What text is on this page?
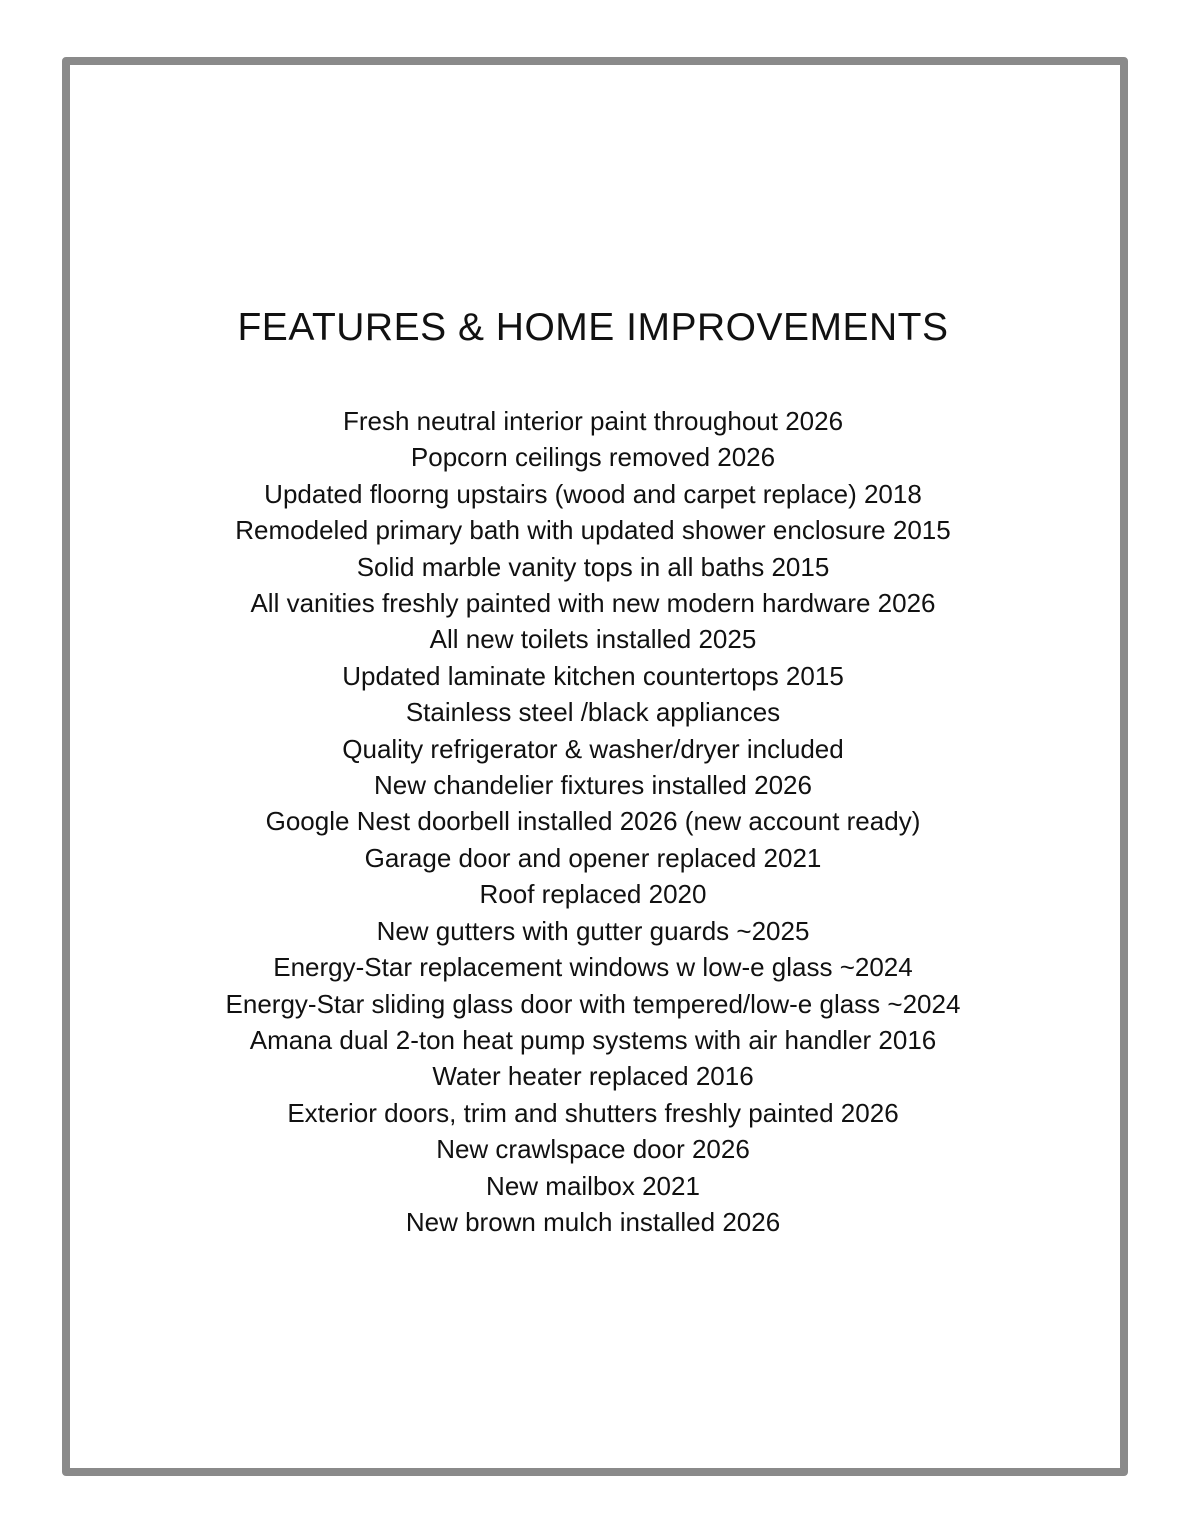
FEATURES & HOME IMPROVEMENTS
Fresh neutral interior paint throughout 2026
Popcorn ceilings removed 2026
Updated floorng upstairs (wood and carpet replace) 2018
Remodeled primary bath with updated shower enclosure 2015
Solid marble vanity tops in all baths 2015
All vanities freshly painted with new modern hardware 2026
All new toilets installed 2025
Updated laminate kitchen countertops 2015
Stainless steel /black appliances
Quality refrigerator & washer/dryer included
New chandelier fixtures installed 2026
Google Nest doorbell installed 2026 (new account ready)
Garage door and opener replaced 2021
Roof replaced 2020
New gutters with gutter guards ~2025
Energy-Star replacement windows w low-e glass ~2024
Energy-Star sliding glass door with tempered/low-e glass ~2024
Amana dual 2-ton heat pump systems with air handler 2016
Water heater replaced 2016
Exterior doors, trim and shutters freshly painted 2026
New crawlspace door 2026
New mailbox 2021
New brown mulch installed 2026
